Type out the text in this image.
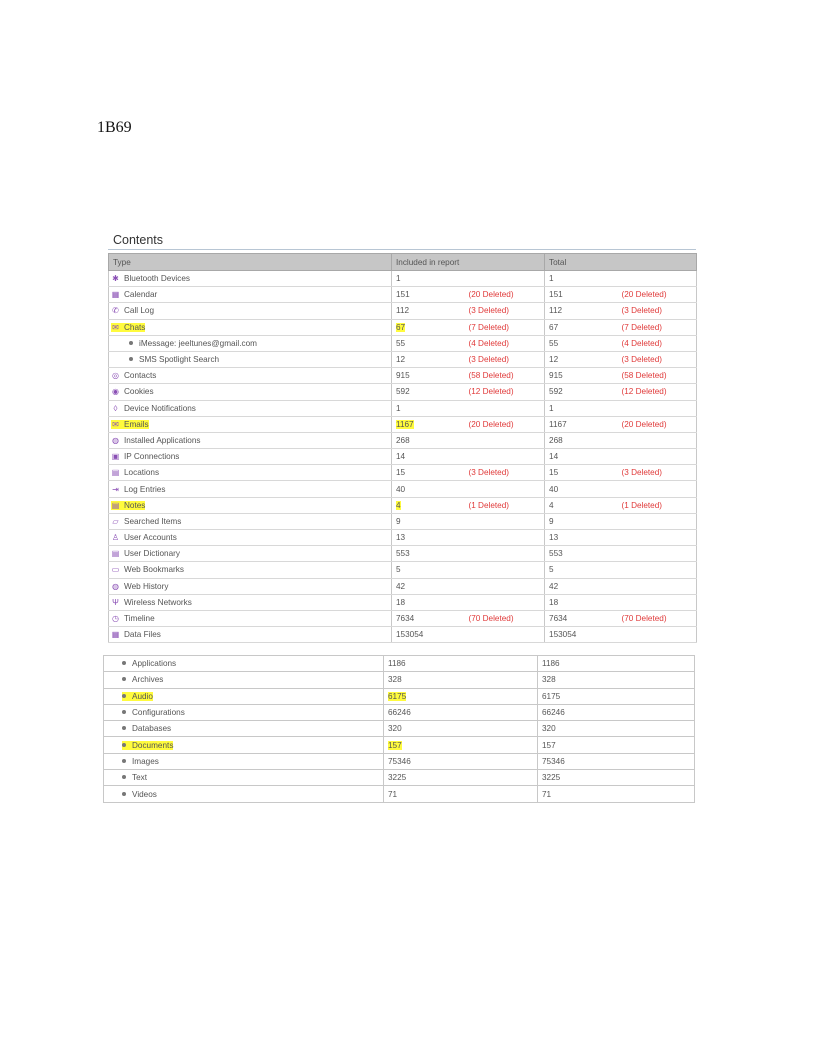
1B69
Contents
Type	Included in report		Total	
✱ Bluetooth Devices	1		1	
▦ Calendar	151	(20 Deleted)	151	(20 Deleted)
✆ Call Log	112	(3 Deleted)	112	(3 Deleted)
✉ Chats	67	(7 Deleted)	67	(7 Deleted)
iMessage: jeeltunes@gmail.com	55	(4 Deleted)	55	(4 Deleted)
SMS Spotlight Search	12	(3 Deleted)	12	(3 Deleted)
◎ Contacts	915	(58 Deleted)	915	(58 Deleted)
◉ Cookies	592	(12 Deleted)	592	(12 Deleted)
◊ Device Notifications	1		1	
✉ Emails	1167	(20 Deleted)	1167	(20 Deleted)
◍ Installed Applications	268		268	
▣ IP Connections	14		14	
▤ Locations	15	(3 Deleted)	15	(3 Deleted)
⇥ Log Entries	40		40	
▤ Notes	4	(1 Deleted)	4	(1 Deleted)
▱ Searched Items	9		9	
♙ User Accounts	13		13	
▤ User Dictionary	553		553	
▭ Web Bookmarks	5		5	
◍ Web History	42		42	
Ψ Wireless Networks	18		18	
◷ Timeline	7634	(70 Deleted)	7634	(70 Deleted)
▦ Data Files	153054		153054	
Applications	1186	1186
Archives	328	328
Audio	6175	6175
Configurations	66246	66246
Databases	320	320
Documents	157	157
Images	75346	75346
Text	3225	3225
Videos	71	71
